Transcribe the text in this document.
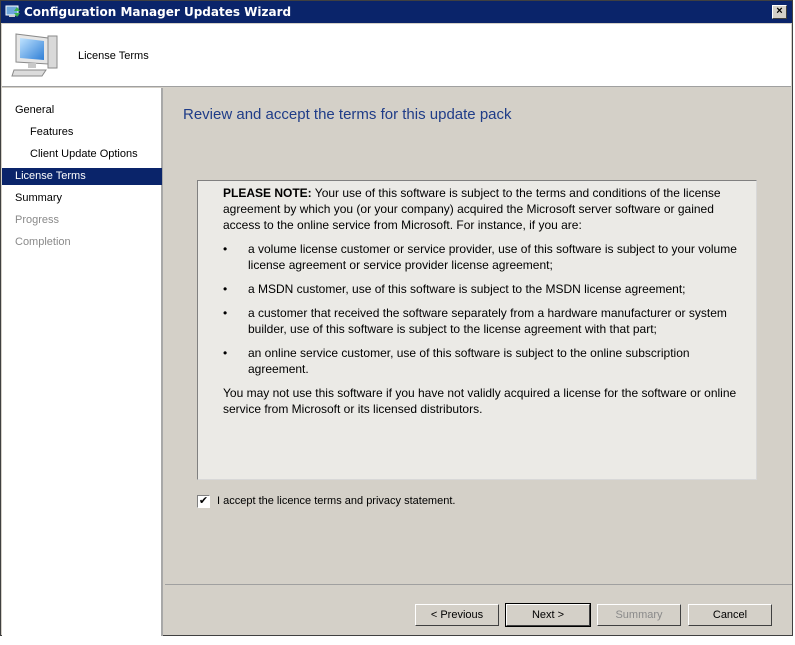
Configuration Manager Updates Wizard	×
License Terms
General
Features
Client Update Options
License Terms
Summary
Progress
Completion
Review and accept the terms for this update pack

PLEASE NOTE: Your use of this software is subject to the terms and conditions of the license agreement by which you (or your company) acquired the Microsoft server software or gained access to the online service from Microsoft. For instance, if you are:

• a volume license customer or service provider, use of this software is subject to your volume license agreement or service provider license agreement;
• a MSDN customer, use of this software is subject to the MSDN license agreement;
• a customer that received the software separately from a hardware manufacturer or system builder, use of this software is subject to the license agreement with that part;
• an online service customer, use of this software is subject to the online subscription agreement.

You may not use this software if you have not validly acquired a license for the software or online service from Microsoft or its licensed distributors.

✔ I accept the licence terms and privacy statement.
< Previous	Next >	Summary	Cancel
